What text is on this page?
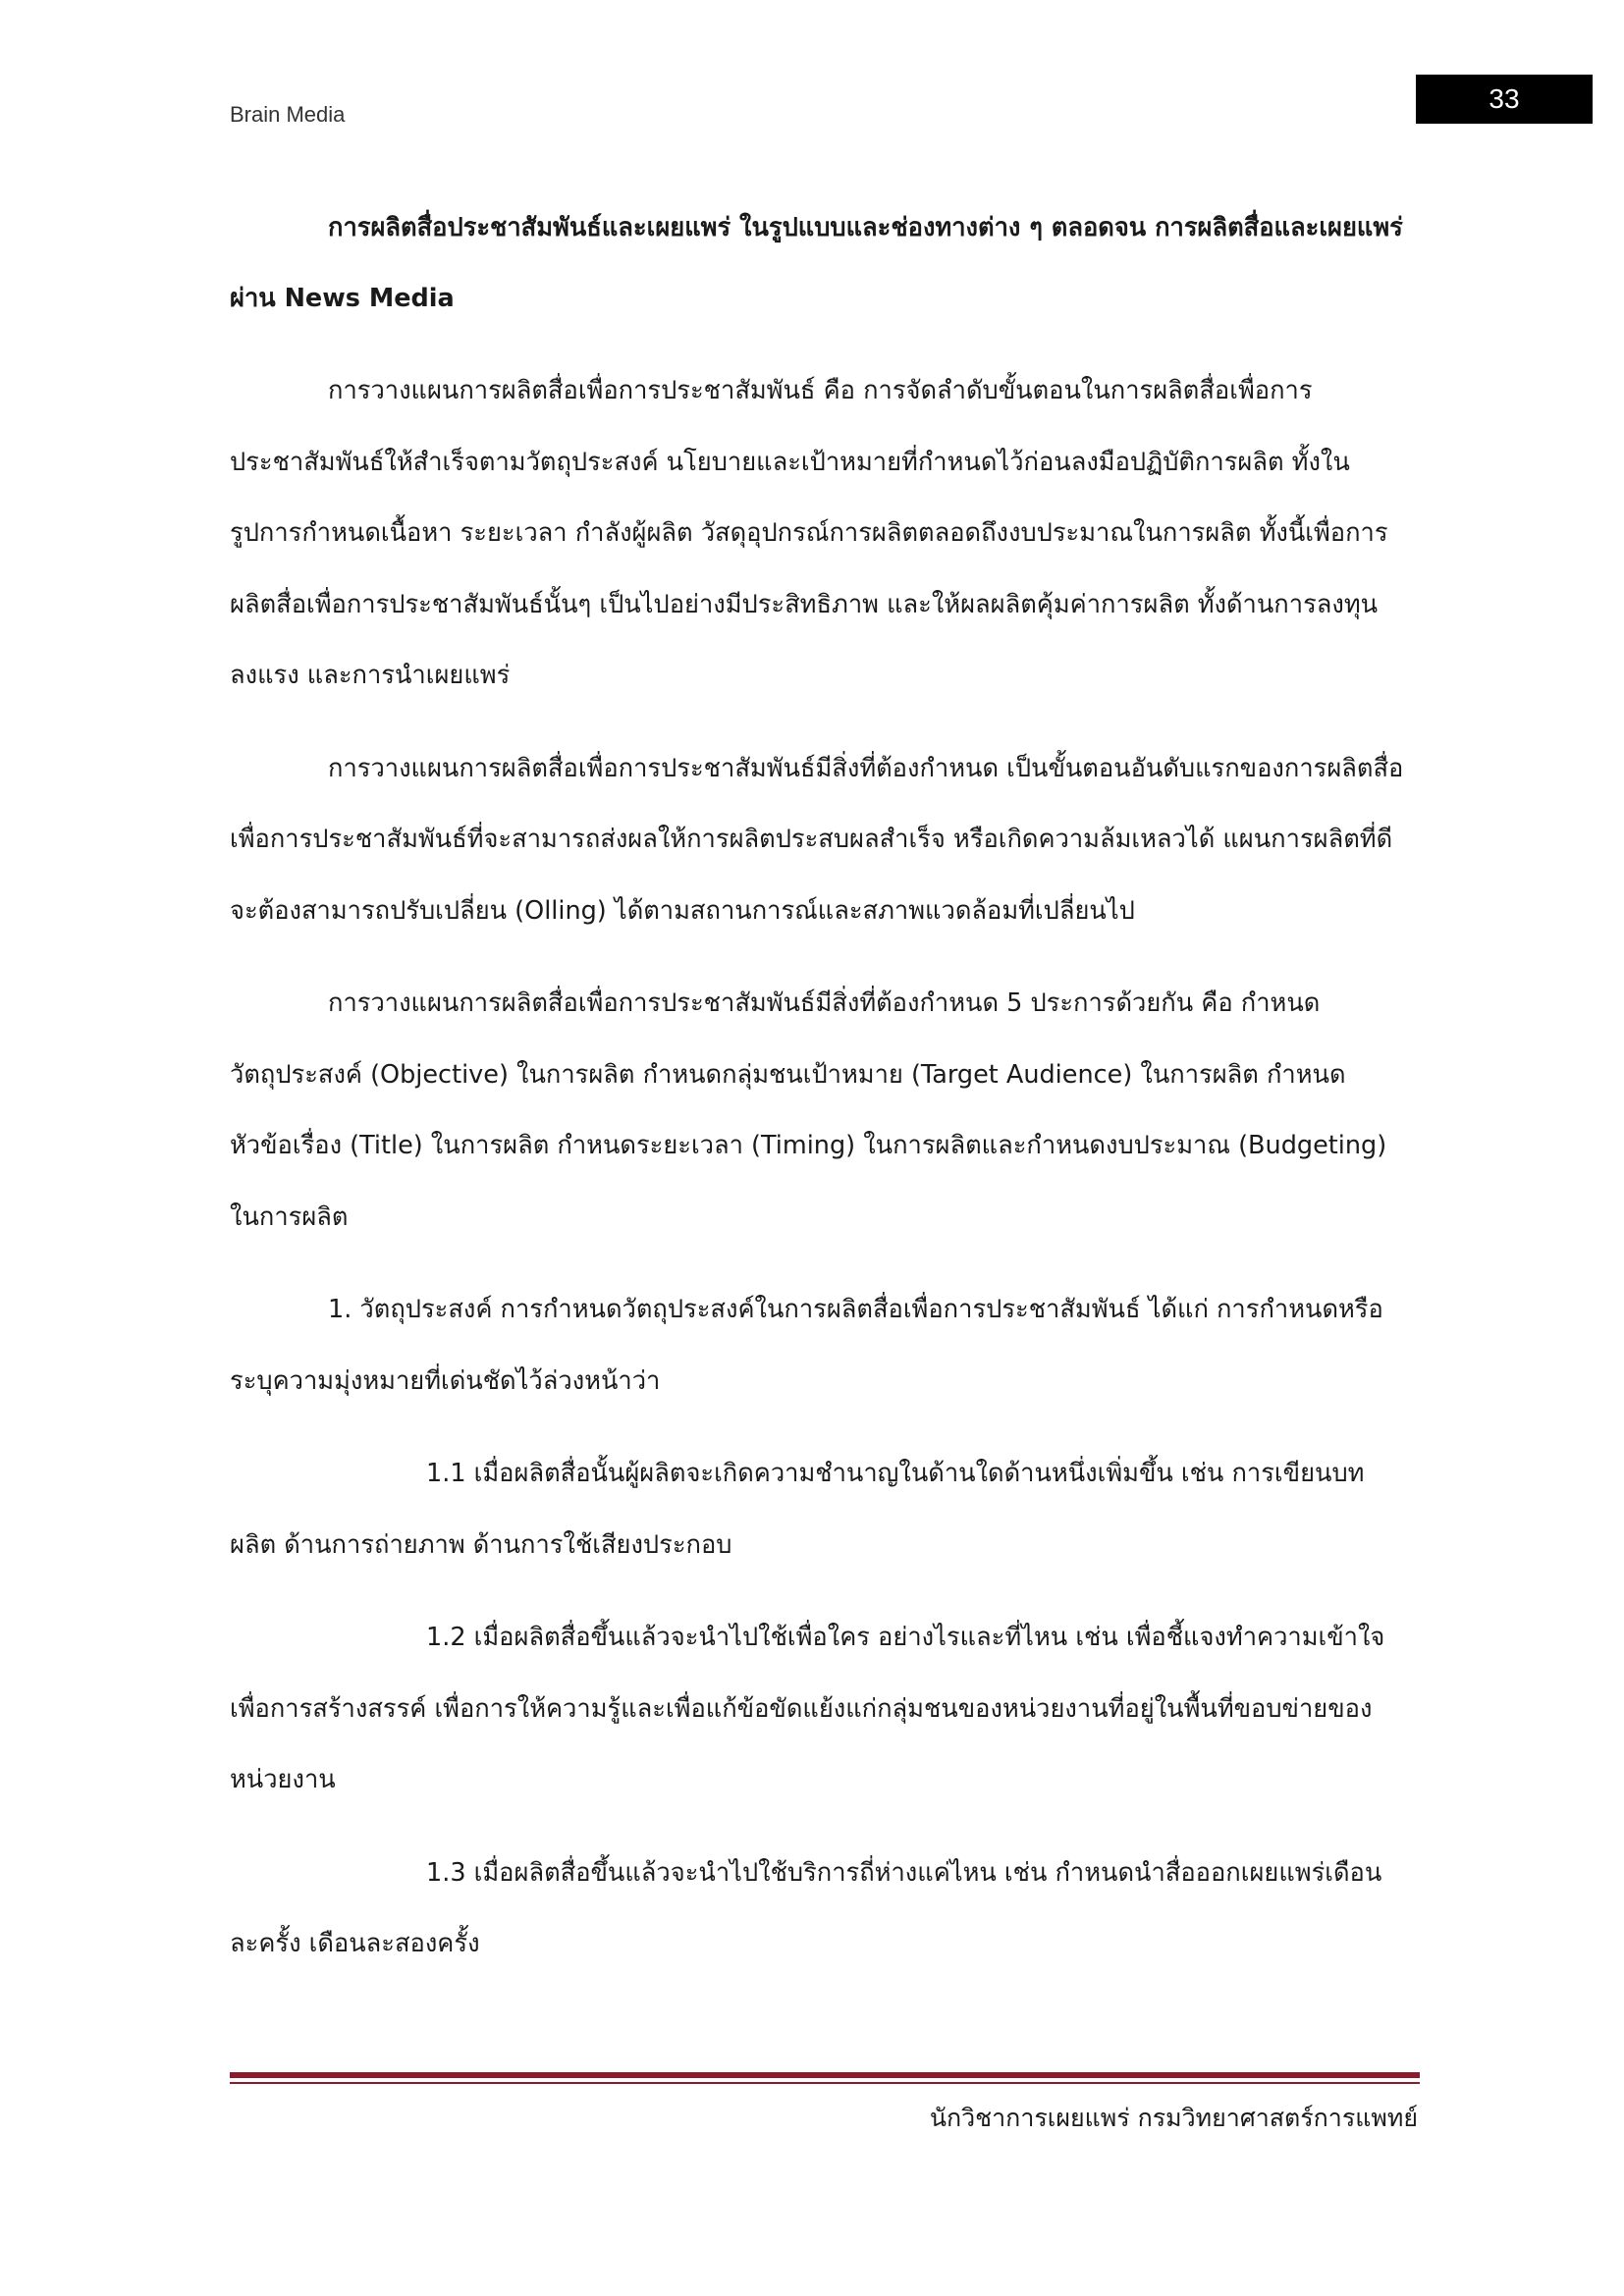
Brain Media
33

การผลิตสื่อประชาสัมพันธ์และเผยแพร่ ในรูปแบบและช่องทางต่าง ๆ ตลอดจน การผลิตสื่อและเผยแพร่ผ่าน News Media

การวางแผนการผลิตสื่อเพื่อการประชาสัมพันธ์ คือ การจัดลำดับขั้นตอนในการผลิตสื่อเพื่อการประชาสัมพันธ์ให้สำเร็จตามวัตถุประสงค์ นโยบายและเป้าหมายที่กำหนดไว้ก่อนลงมือปฏิบัติการผลิต ทั้งในรูปการกำหนดเนื้อหา ระยะเวลา กำลังผู้ผลิต วัสดุอุปกรณ์การผลิตตลอดถึงงบประมาณในการผลิต ทั้งนี้เพื่อการผลิตสื่อเพื่อการประชาสัมพันธ์นั้นๆ เป็นไปอย่างมีประสิทธิภาพ และให้ผลผลิตคุ้มค่าการผลิต ทั้งด้านการลงทุนลงแรง และการนำเผยแพร่

การวางแผนการผลิตสื่อเพื่อการประชาสัมพันธ์มีสิ่งที่ต้องกำหนด เป็นขั้นตอนอันดับแรกของการผลิตสื่อเพื่อการประชาสัมพันธ์ที่จะสามารถส่งผลให้การผลิตประสบผลสำเร็จ หรือเกิดความล้มเหลวได้ แผนการผลิตที่ดีจะต้องสามารถปรับเปลี่ยน (Olling) ได้ตามสถานการณ์และสภาพแวดล้อมที่เปลี่ยนไป

การวางแผนการผลิตสื่อเพื่อการประชาสัมพันธ์มีสิ่งที่ต้องกำหนด 5 ประการด้วยกัน คือ กำหนดวัตถุประสงค์ (Objective) ในการผลิต กำหนดกลุ่มชนเป้าหมาย (Target Audience) ในการผลิต กำหนดหัวข้อเรื่อง (Title) ในการผลิต กำหนดระยะเวลา (Timing) ในการผลิตและกำหนดงบประมาณ (Budgeting) ในการผลิต

1. วัตถุประสงค์ การกำหนดวัตถุประสงค์ในการผลิตสื่อเพื่อการประชาสัมพันธ์ ได้แก่ การกำหนดหรือระบุความมุ่งหมายที่เด่นชัดไว้ล่วงหน้าว่า

1.1 เมื่อผลิตสื่อนั้นผู้ผลิตจะเกิดความชำนาญในด้านใดด้านหนึ่งเพิ่มขึ้น เช่น การเขียนบทผลิต ด้านการถ่ายภาพ ด้านการใช้เสียงประกอบ

1.2 เมื่อผลิตสื่อขึ้นแล้วจะนำไปใช้เพื่อใคร อย่างไรและที่ไหน เช่น เพื่อชี้แจงทำความเข้าใจ เพื่อการสร้างสรรค์ เพื่อการให้ความรู้และเพื่อแก้ข้อขัดแย้งแก่กลุ่มชนของหน่วยงานที่อยู่ในพื้นที่ขอบข่ายของหน่วยงาน

1.3 เมื่อผลิตสื่อขึ้นแล้วจะนำไปใช้บริการถี่ห่างแค่ไหน เช่น กำหนดนำสื่อออกเผยแพร่เดือนละครั้ง เดือนละสองครั้ง

นักวิชาการเผยแพร่ กรมวิทยาศาสตร์การแพทย์
